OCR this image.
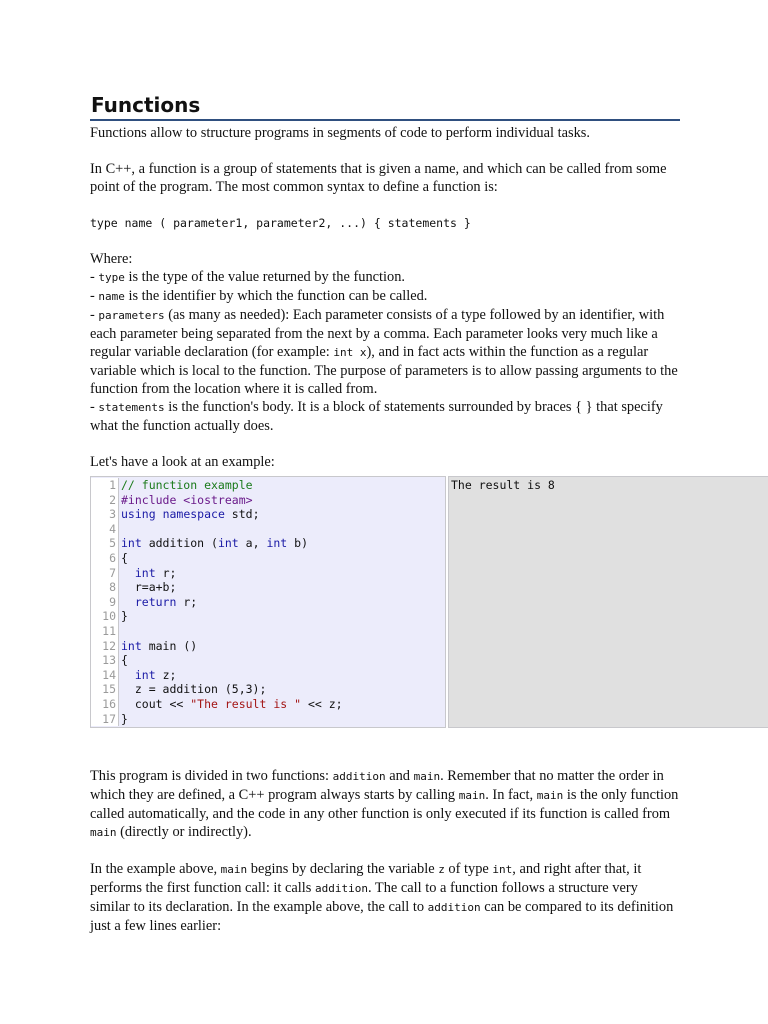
Functions

Functions allow to structure programs in segments of code to perform individual tasks.

In C++, a function is a group of statements that is given a name, and which can be called from some point of the program. The most common syntax to define a function is:

type name ( parameter1, parameter2, ...) { statements }

Where:

- type is the type of the value returned by the function.

- name is the identifier by which the function can be called.

- parameters (as many as needed): Each parameter consists of a type followed by an identifier, with each parameter being separated from the next by a comma. Each parameter looks very much like a regular variable declaration (for example: int x), and in fact acts within the function as a regular variable which is local to the function. The purpose of parameters is to allow passing arguments to the function from the location where it is called from.

- statements is the function's body. It is a block of statements surrounded by braces { } that specify what the function actually does.

Let's have a look at an example:

1 // function example
2 #include <iostream>
3 using namespace std;
4
5 int addition (int a, int b)
6 {
7	int r;
8 r=a+b;
9	return r;
10 }
11
12 int main ()
13 {
14	int z;
15 z = addition (5,3);
16 cout << "The result is " << z;
17 }
The result is 8

This program is divided in two functions: addition and main. Remember that no matter the order in which they are defined, a C++ program always starts by calling main. In fact, main is the only function called automatically, and the code in any other function is only executed if its function is called from main (directly or indirectly).

In the example above, main begins by declaring the variable z of type int, and right after that, it performs the first function call: it calls addition. The call to a function follows a structure very similar to its declaration. In the example above, the call to addition can be compared to its definition just a few lines earlier:
